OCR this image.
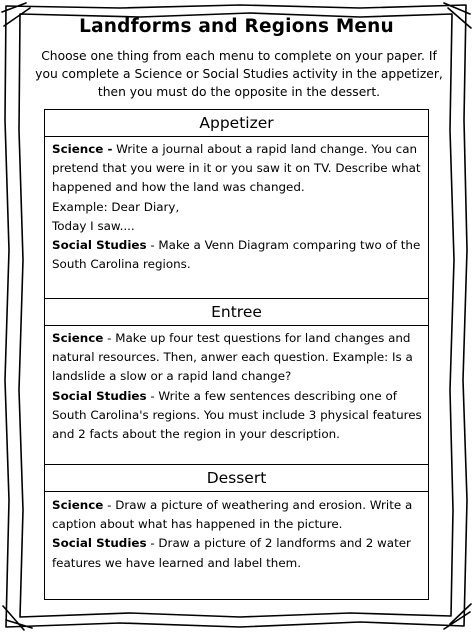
Landforms and Regions Menu
Choose one thing from each menu to complete on your paper. If you complete a Science or Social Studies activity in the appetizer, then you must do the opposite in the dessert.
Appetizer

Science - Write a journal about a rapid land change. You can pretend that you were in it or you saw it on TV. Describe what happened and how the land was changed.

Example: Dear Diary,

Today I saw....

Social Studies - Make a Venn Diagram comparing two of the South Carolina regions.

Entree

Science - Make up four test questions for land changes and natural resources. Then, anwer each question. Example: Is a landslide a slow or a rapid land change?

Social Studies - Write a few sentences describing one of South Carolina's regions. You must include 3 physical features and 2 facts about the region in your description.

Dessert

Science - Draw a picture of weathering and erosion. Write a caption about what has happened in the picture.

Social Studies - Draw a picture of 2 landforms and 2 water features we have learned and label them.
